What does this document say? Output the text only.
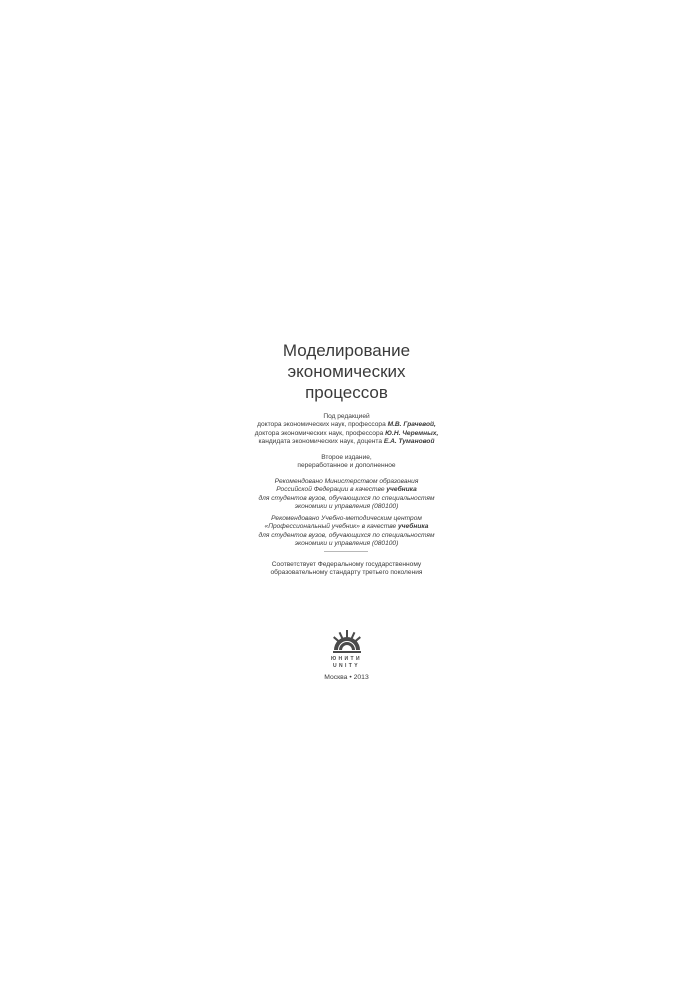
Моделирование
экономических
процессов
Под редакцией
доктора экономических наук, профессора М.В. Грачевой,
доктора экономических наук, профессора Ю.Н. Черемных,
кандидата экономических наук, доцента Е.А. Тумановой
Второе издание,
переработанное и дополненное
Рекомендовано Министерством образования
Российской Федерации в качестве учебника
для студентов вузов, обучающихся по специальностям
экономики и управления (080100)
Рекомендовано Учебно-методическим центром
«Профессиональный учебник» в качестве учебника
для студентов вузов, обучающихся по специальностям
экономики и управления (080100)
Соответствует Федеральному государственному
образовательному стандарту третьего поколения
ЮНИТИ
UNITY
Москва • 2013
